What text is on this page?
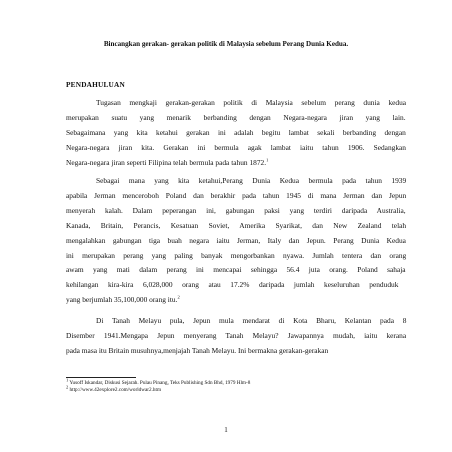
Bincangkan gerakan- gerakan politik di Malaysia sebelum Perang Dunia Kedua.
PENDAHULUAN
Tugasan mengkaji gerakan-gerakan politik di Malaysia sebelum perang dunia kedua
merupakan suatu yang menarik berbanding dengan Negara-negara jiran yang lain.
Sebagaimana yang kita ketahui gerakan ini adalah begitu lambat sekali berbanding dengan
Negara-negara jiran kita. Gerakan ini bermula agak lambat iaitu tahun 1906. Sedangkan
Negara-negara jiran seperti Filipina telah bermula pada tahun 1872.$^1$
Sebagai mana yang kita ketahui,Perang Dunia Kedua bermula pada tahun 1939
apabila Jerman menceroboh Poland dan berakhir pada tahun 1945 di mana Jerman dan Jepun
menyerah kalah. Dalam peperangan ini, gabungan paksi yang terdiri daripada Australia,
Kanada, Britain, Perancis, Kesatuan Soviet, Amerika Syarikat, dan New Zealand telah
mengalahkan gabungan tiga buah negara iaitu Jerman, Italy dan Jepun. Perang Dunia Kedua
ini merupakan perang yang paling banyak mengorbankan nyawa. Jumlah tentera dan orang
awam yang mati dalam perang ini mencapai sehingga 56.4 juta orang. Poland sahaja
kehilangan kira-kira 6,028,000 orang atau 17.2% daripada jumlah keseluruhan penduduk
yang berjumlah 35,100,000 orang itu.$^2$
Di Tanah Melayu pula, Jepun mula mendarat di Kota Bharu, Kelantan pada 8
Disember 1941.Mengapa Jepun menyerang Tanah Melayu? Jawapannya mudah, iaitu kerana
pada masa itu Britain musuhnya,menjajah Tanah Melayu. Ini bermakna gerakan-gerakan
1 Yusoff Iskandar, Diskusi Sejarah. Pulau Pinang, Teks Publishing Sdn Bhd, 1979 Hlm-8
2 http://www.42explore2.com/worldwar2.htm
1
